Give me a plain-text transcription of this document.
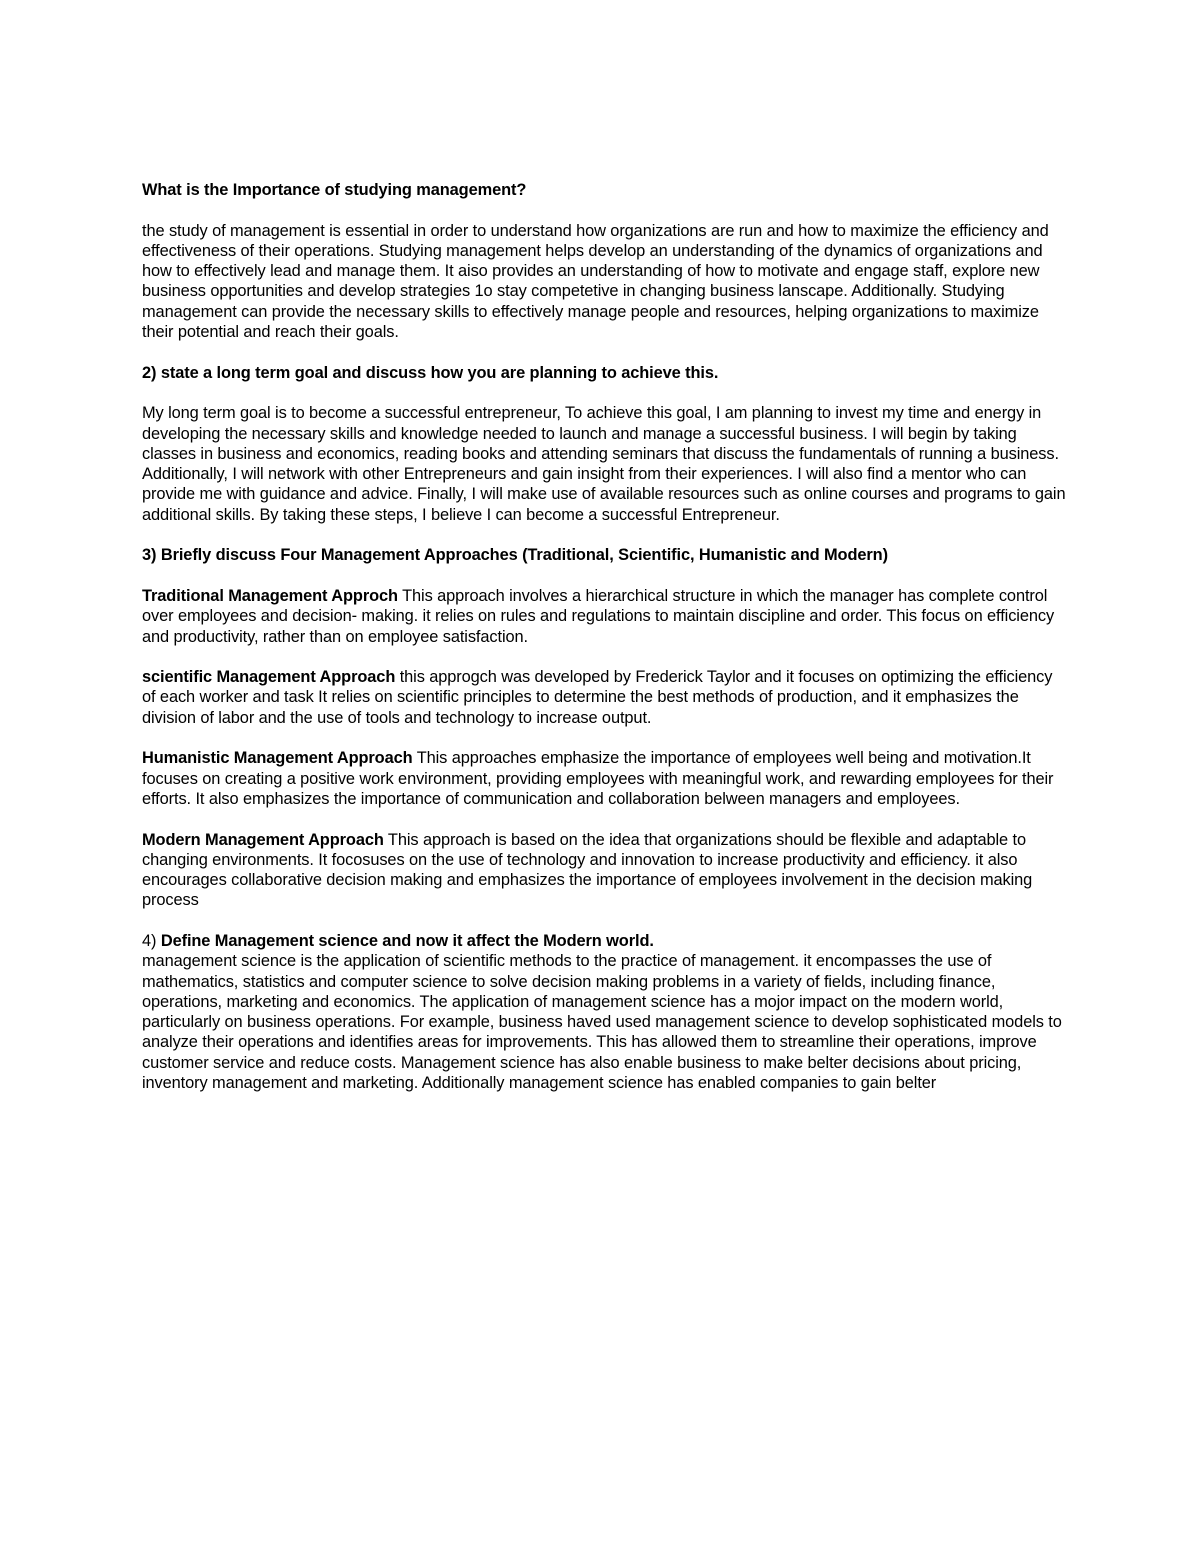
What is the Importance of studying management?

the study of management is essential in order to understand how organizations are run and how to maximize the efficiency and effectiveness of their operations. Studying management helps develop an understanding of the dynamics of organizations and how to effectively lead and manage them. It aiso provides an understanding of how to motivate and engage staff, explore new business opportunities and develop strategies 1o stay competetive in changing business lanscape. Additionally. Studying management can provide the necessary skills to effectively manage people and resources, helping organizations to maximize their potential and reach their goals.

2) state a long term goal and discuss how you are planning to achieve this.

My long term goal is to become a successful entrepreneur, To achieve this goal, I am planning to invest my time and energy in developing the necessary skills and knowledge needed to launch and manage a successful business. I will begin by taking classes in business and economics, reading books and attending seminars that discuss the fundamentals of running a business. Additionally, I will network with other Entrepreneurs and gain insight from their experiences. I will also find a mentor who can provide me with guidance and advice. Finally, I will make use of available resources such as online courses and programs to gain additional skills. By taking these steps, I believe I can become a successful Entrepreneur.

3) Briefly discuss Four Management Approaches (Traditional, Scientific, Humanistic and Modern)

Traditional Management Approch This approach involves a hierarchical structure in which the manager has complete control over employees and decision- making. it relies on rules and regulations to maintain discipline and order. This focus on efficiency and productivity, rather than on employee satisfaction.

scientific Management Approach this approgch was developed by Frederick Taylor and it focuses on optimizing the efficiency of each worker and task It relies on scientific principles to determine the best methods of production, and it emphasizes the division of labor and the use of tools and technology to increase output.

Humanistic Management Approach This approaches emphasize the importance of employees well being and motivation.It focuses on creating a positive work environment, providing employees with meaningful work, and rewarding employees for their efforts. It also emphasizes the importance of communication and collaboration belween managers and employees.

Modern Management Approach This approach is based on the idea that organizations should be flexible and adaptable to changing environments. It focosuses on the use of technology and innovation to increase productivity and efficiency. it also encourages collaborative decision making and emphasizes the importance of employees involvement in the decision making process

4) Define Management science and now it affect the Modern world.

management science is the application of scientific methods to the practice of management. it encompasses the use of mathematics, statistics and computer science to solve decision making problems in a variety of fields, including finance, operations, marketing and economics. The application of management science has a mojor impact on the modern world, particularly on business operations. For example, business haved used management science to develop sophisticated models to analyze their operations and identifies areas for improvements. This has allowed them to streamline their operations, improve customer service and reduce costs. Management science has also enable business to make belter decisions about pricing, inventory management and marketing. Additionally management science has enabled companies to gain belter
